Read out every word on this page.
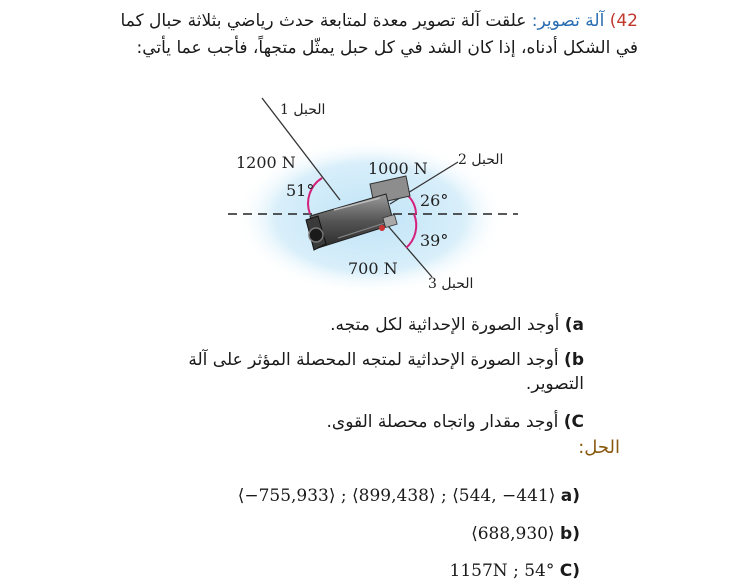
42) آلة تصوير: علقت آلة تصوير معدة لمتابعة حدث رياضي بثلاثة حبال كما في الشكل أدناه، إذا كان الشد في كل حبل يمثّل متجهاً، فأجب عما يأتي:
الحبل 1
الحبل 2
الحبل 3
1200 N	1000 N
700 N
51°
26°
39°
a) أوجد الصورة الإحداثية لكل متجه.
b) أوجد الصورة الإحداثية لمتجه المحصلة المؤثر على آلة التصوير.
C) أوجد مقدار واتجاه محصلة القوى.
الحل:
⟨−755,933⟩ ; ⟨899,438⟩ ; ⟨544, −441⟩ a)
⟨688,930⟩ b)
1157N ; 54° C)
